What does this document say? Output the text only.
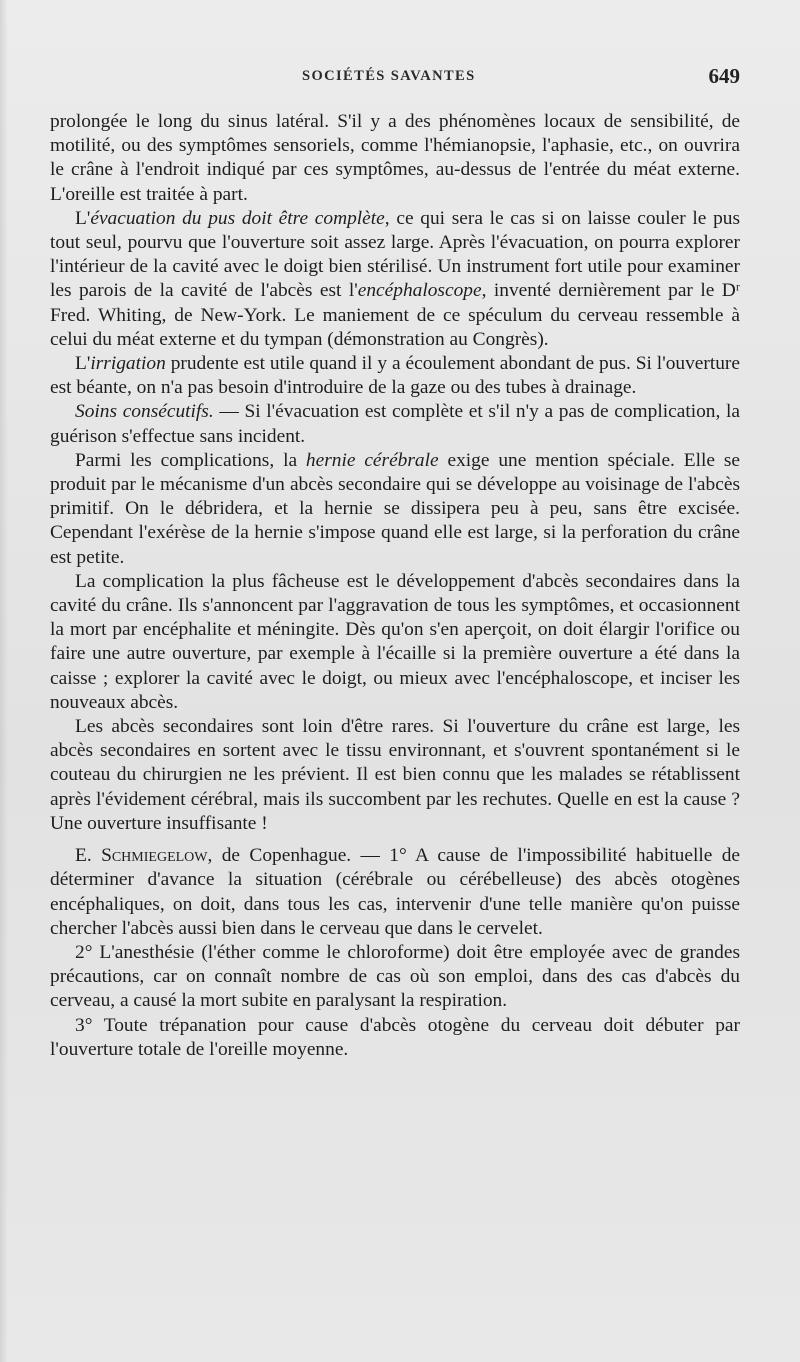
SOCIÉTÉS SAVANTES	649

prolongée le long du sinus latéral. S'il y a des phénomènes locaux de sensibilité, de motilité, ou des symptômes sensoriels, comme l'hémianopsie, l'aphasie, etc., on ouvrira le crâne à l'endroit indiqué par ces symptômes, au-dessus de l'entrée du méat externe. L'oreille est traitée à part.

L'évacuation du pus doit être complète, ce qui sera le cas si on laisse couler le pus tout seul, pourvu que l'ouverture soit assez large. Après l'évacuation, on pourra explorer l'intérieur de la cavité avec le doigt bien stérilisé. Un instrument fort utile pour examiner les parois de la cavité de l'abcès est l'encéphaloscope, inventé dernièrement par le Dʳ Fred. Whiting, de New-York. Le maniement de ce spéculum du cerveau ressemble à celui du méat externe et du tympan (démonstration au Congrès).

L'irrigation prudente est utile quand il y a écoulement abondant de pus. Si l'ouverture est béante, on n'a pas besoin d'introduire de la gaze ou des tubes à drainage.

Soins consécutifs. — Si l'évacuation est complète et s'il n'y a pas de complication, la guérison s'effectue sans incident.

Parmi les complications, la hernie cérébrale exige une mention spéciale. Elle se produit par le mécanisme d'un abcès secondaire qui se développe au voisinage de l'abcès primitif. On le débridera, et la hernie se dissipera peu à peu, sans être excisée. Cependant l'exérèse de la hernie s'impose quand elle est large, si la perforation du crâne est petite.

La complication la plus fâcheuse est le développement d'abcès secondaires dans la cavité du crâne. Ils s'annoncent par l'aggravation de tous les symptômes, et occasionnent la mort par encéphalite et méningite. Dès qu'on s'en aperçoit, on doit élargir l'orifice ou faire une autre ouverture, par exemple à l'écaille si la première ouverture a été dans la caisse ; explorer la cavité avec le doigt, ou mieux avec l'encéphaloscope, et inciser les nouveaux abcès.

Les abcès secondaires sont loin d'être rares. Si l'ouverture du crâne est large, les abcès secondaires en sortent avec le tissu environnant, et s'ouvrent spontanément si le couteau du chirurgien ne les prévient. Il est bien connu que les malades se rétablissent après l'évidement cérébral, mais ils succombent par les rechutes. Quelle en est la cause ? Une ouverture insuffisante !

E. Schmiegelow, de Copenhague. — 1° A cause de l'impossibilité habituelle de déterminer d'avance la situation (cérébrale ou cérébelleuse) des abcès otogènes encéphaliques, on doit, dans tous les cas, intervenir d'une telle manière qu'on puisse chercher l'abcès aussi bien dans le cerveau que dans le cervelet.

2° L'anesthésie (l'éther comme le chloroforme) doit être employée avec de grandes précautions, car on connaît nombre de cas où son emploi, dans des cas d'abcès du cerveau, a causé la mort subite en paralysant la respiration.

3° Toute trépanation pour cause d'abcès otogène du cerveau doit débuter par l'ouverture totale de l'oreille moyenne.
